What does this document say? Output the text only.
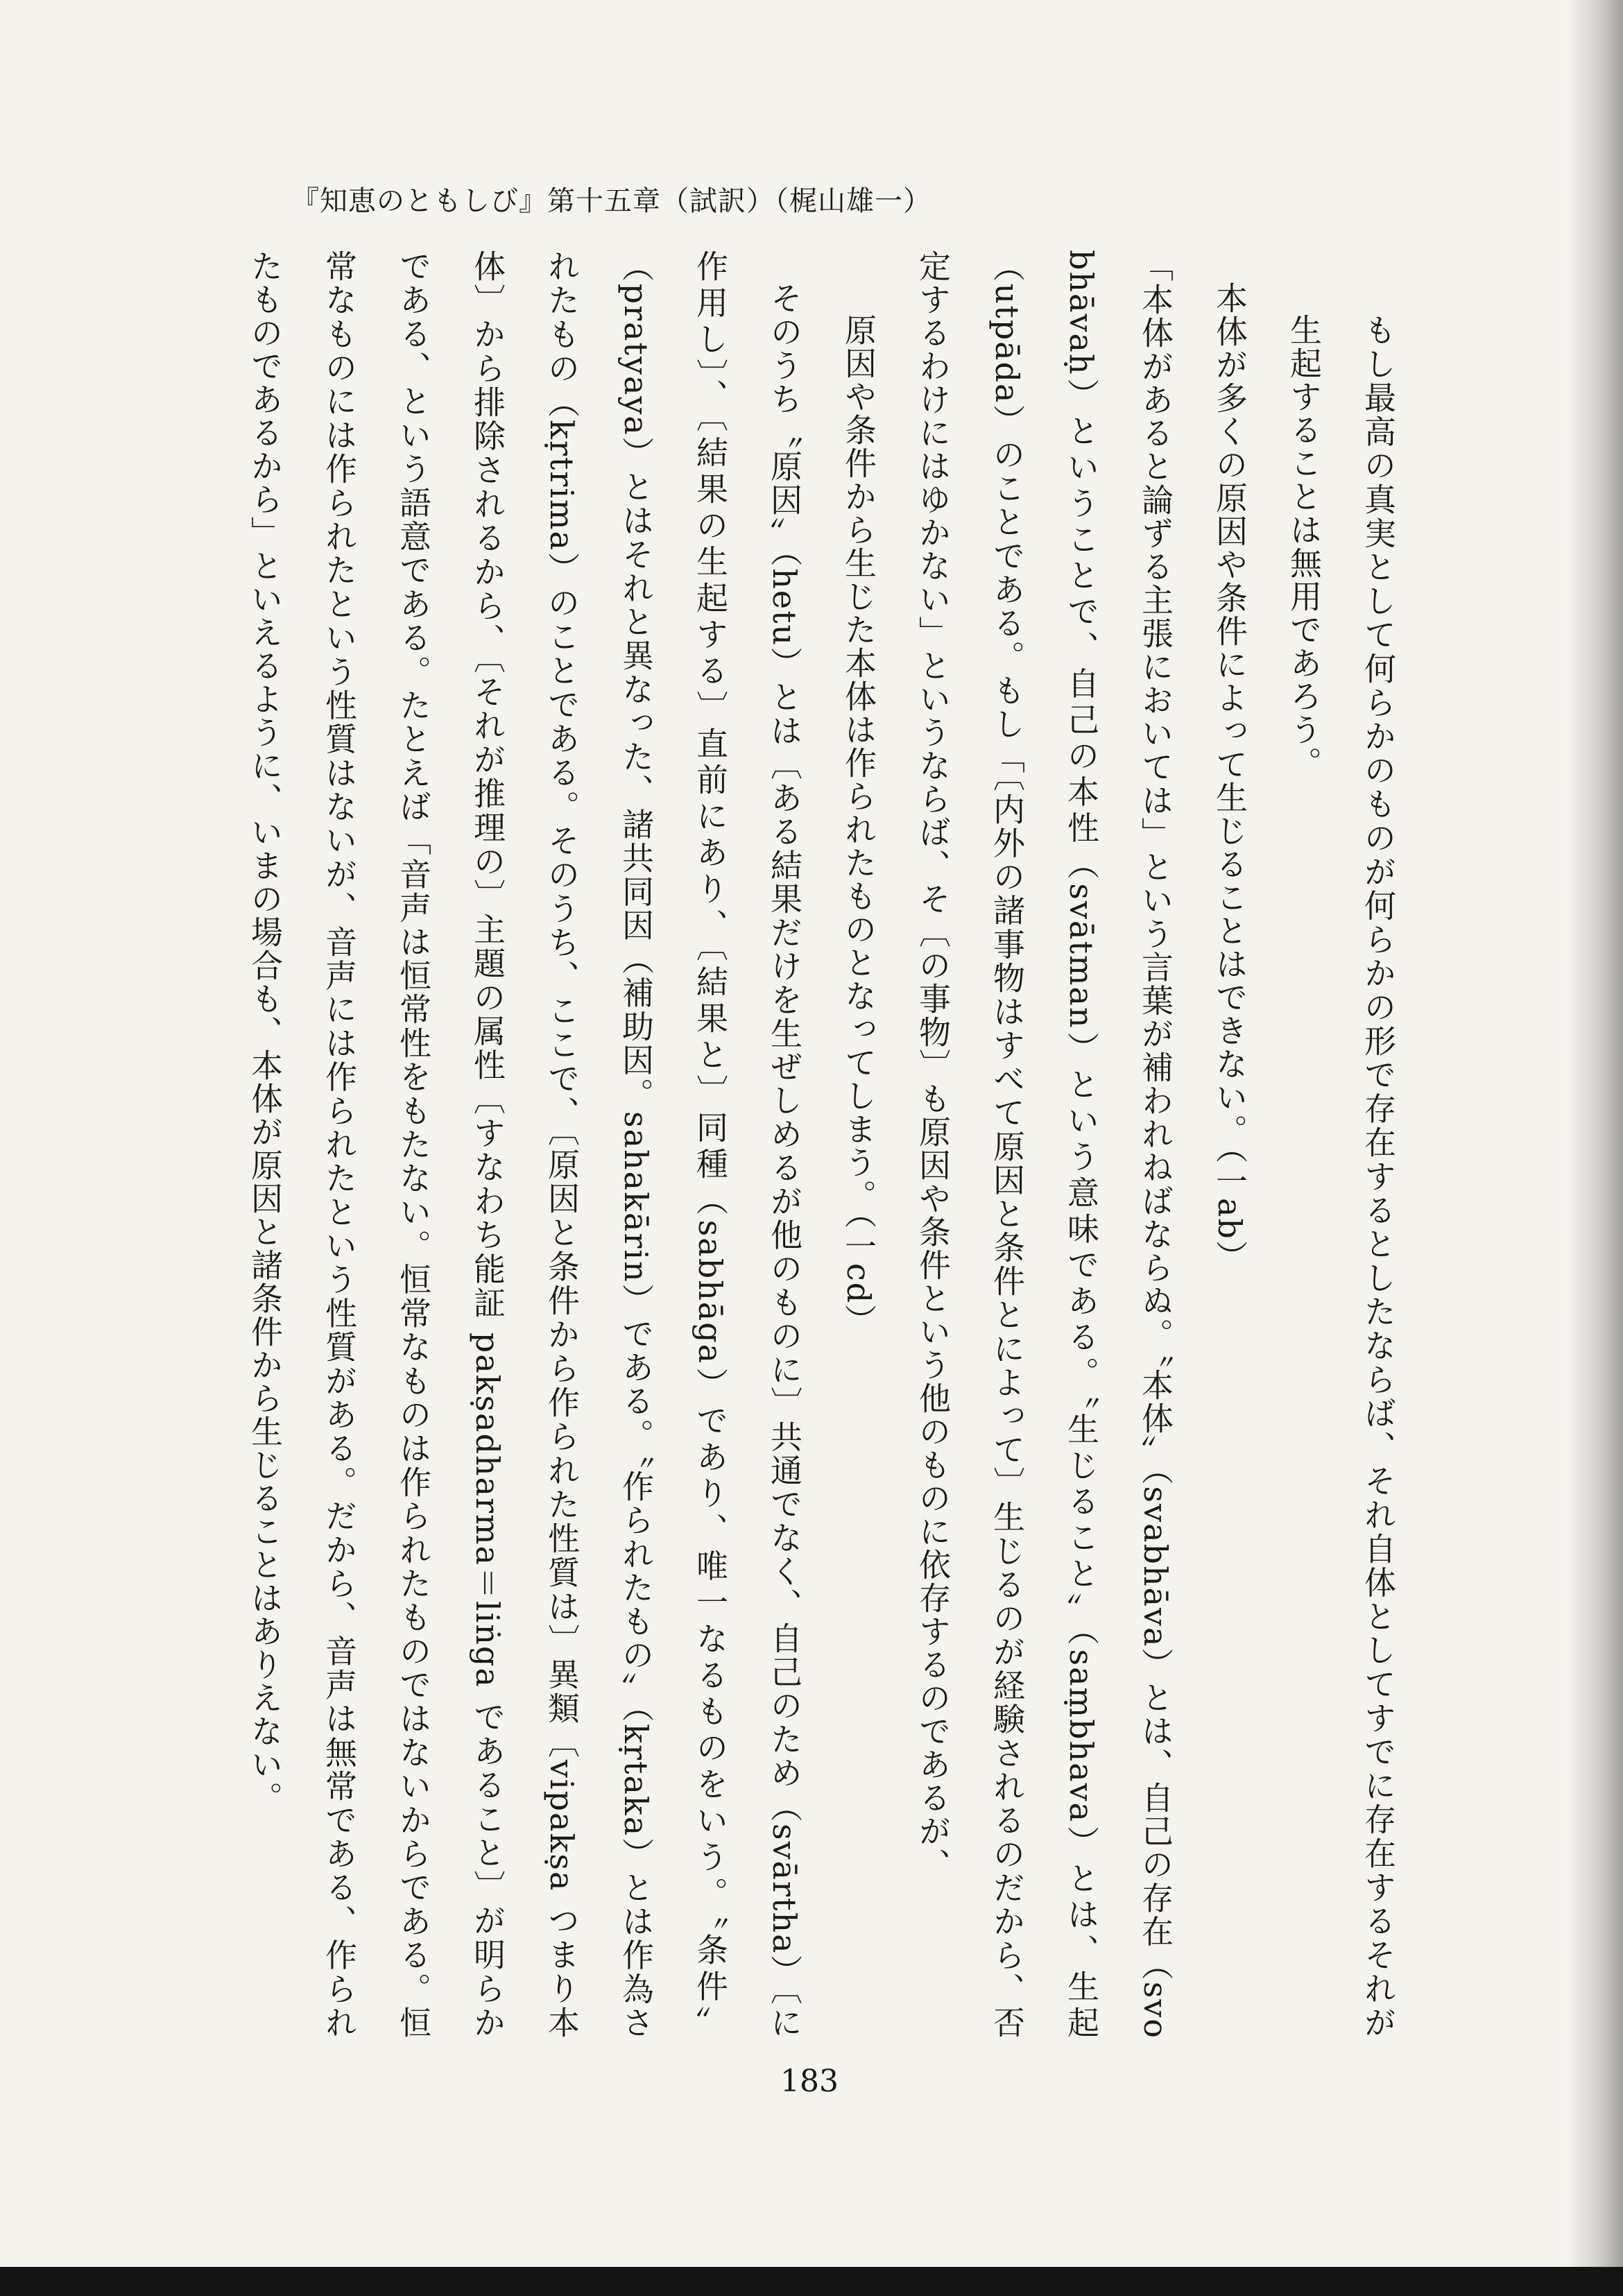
『知恵のともしび』第十五章（試訳）（梶山雄一）

もし最高の真実として何らかのものが何らかの形で存在するとしたならば、それ自体としてすでに存在するそれが生起することは無用であろう。

本体が多くの原因や条件によって生じることはできない。（一ab）

「本体があると論ずる主張においては」という言葉が補われねばならぬ。〝本体〟（svabhāva）とは、自己の存在（svo bhāvaḥ）ということで、自己の本性（svātman）という意味である。〝生じること〟（saṃbhava）とは、生起（utpāda）のことである。もし「〔内外の諸事物はすべて原因と条件とによって〕生じるのが経験されるのだから、否定するわけにはゆかない」というならば、そ〔の事物〕も原因や条件という他のものに依存するのであるが、

原因や条件から生じた本体は作られたものとなってしまう。（一cd）

そのうち〝原因〟（hetu）とは〔ある結果だけを生ぜしめるが他のものに〕共通でなく、自己のため（svārtha）〔に作用し〕、〔結果の生起する〕直前にあり、〔結果と〕同種（sabhāga）であり、唯一なるものをいう。〝条件〟（pratyaya）とはそれと異なった、諸共同因（補助因。sahakārin）である。〝作られたもの〟（kṛtaka）とは作為されたもの（kṛtrima）のことである。そのうち、ここで、〔原因と条件から作られた性質は〕異類〔vipakṣa つまり本体〕から排除されるから、〔それが推理の〕主題の属性〔すなわち能証 pakṣadharma＝liṅga であること〕が明らかである、という語意である。たとえば「音声は恒常性をもたない。恒常なものは作られたものではないからである。恒常なものには作られたという性質はないが、音声には作られたという性質がある。だから、音声は無常である、作られたものであるから」といえるように、いまの場合も、本体が原因と諸条件から生じることはありえない。

183
